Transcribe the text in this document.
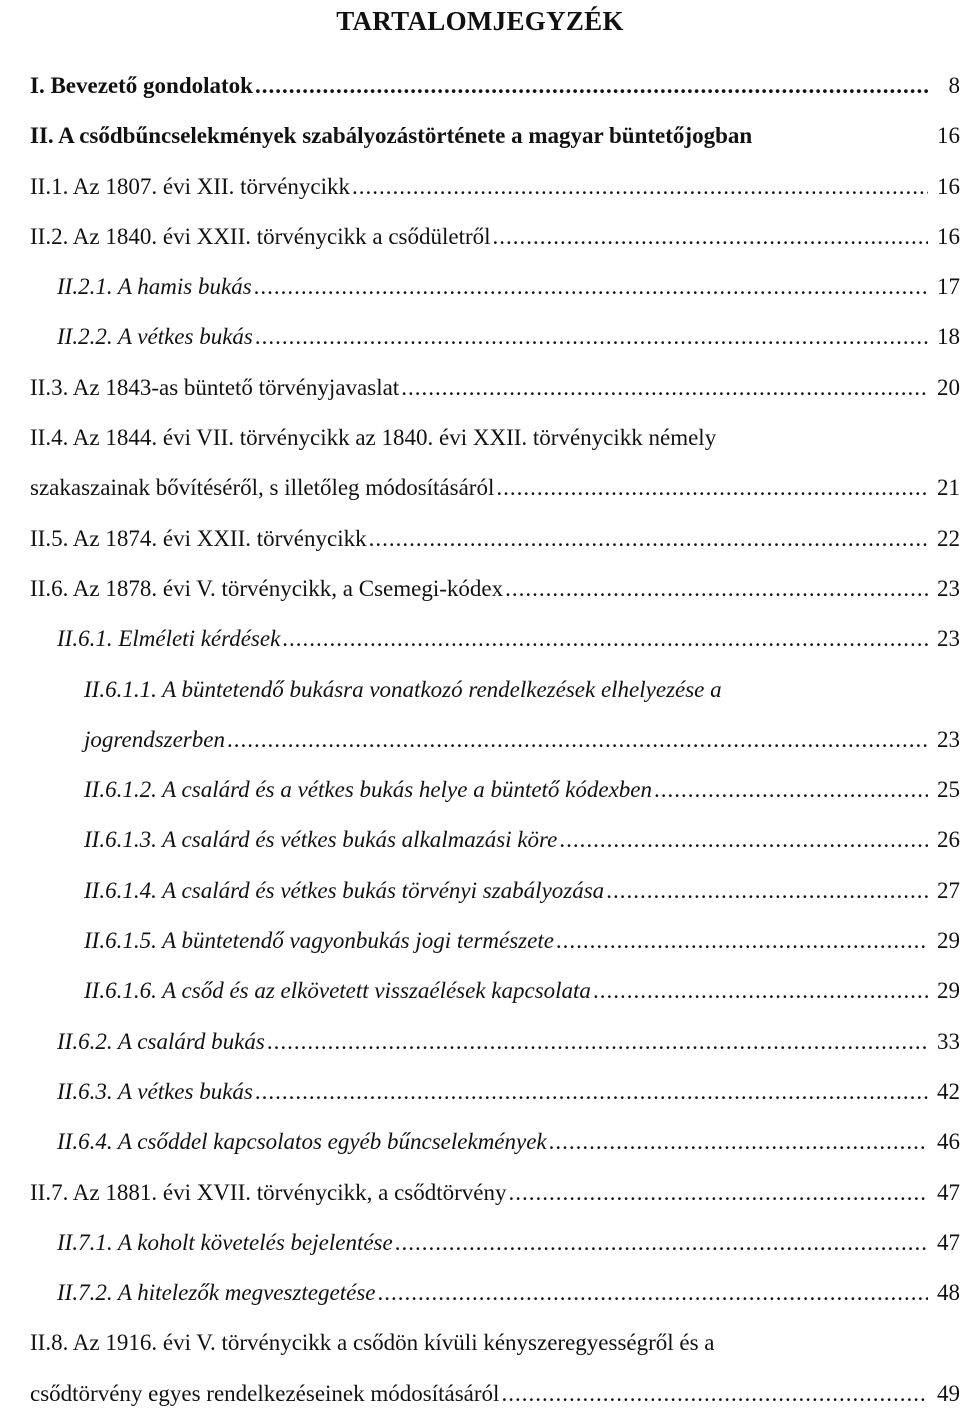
TARTALOMJEGYZÉK
I. Bevezető gondolatok .....	8
II. A csődbűncselekmények szabályozástörténete a magyar büntetőjogban	16
II.1. Az 1807. évi XII. törvénycikk .....	16
II.2. Az 1840. évi XXII. törvénycikk a csődületről .....	16
II.2.1. A hamis bukás .....	17
II.2.2. A vétkes bukás .....	18
II.3. Az 1843-as büntető törvényjavaslat .....	20
II.4. Az 1844. évi VII. törvénycikk az 1840. évi XXII. törvénycikk némely
szakaszainak bővítéséről, s illetőleg módosításáról .....	21
II.5. Az 1874. évi XXII. törvénycikk .....	22
II.6. Az 1878. évi V. törvénycikk, a Csemegi-kódex .....	23
II.6.1. Elméleti kérdések .....	23
II.6.1.1. A büntetendő bukásra vonatkozó rendelkezések elhelyezése a
jogrendszerben .....	23
II.6.1.2. A csalárd és a vétkes bukás helye a büntető kódexben .....	25
II.6.1.3. A csalárd és vétkes bukás alkalmazási köre .....	26
II.6.1.4. A csalárd és vétkes bukás törvényi szabályozása .....	27
II.6.1.5. A büntetendő vagyonbukás jogi természete .....	29
II.6.1.6. A csőd és az elkövetett visszaélések kapcsolata .....	29
II.6.2. A csalárd bukás .....	33
II.6.3. A vétkes bukás .....	42
II.6.4. A csőddel kapcsolatos egyéb bűncselekmények .....	46
II.7. Az 1881. évi XVII. törvénycikk, a csődtörvény .....	47
II.7.1. A koholt követelés bejelentése .....	47
II.7.2. A hitelezők megvesztegetése .....	48
II.8. Az 1916. évi V. törvénycikk a csődön kívüli kényszeregyességről és a
csődtörvény egyes rendelkezéseinek módosításáról .....	49
